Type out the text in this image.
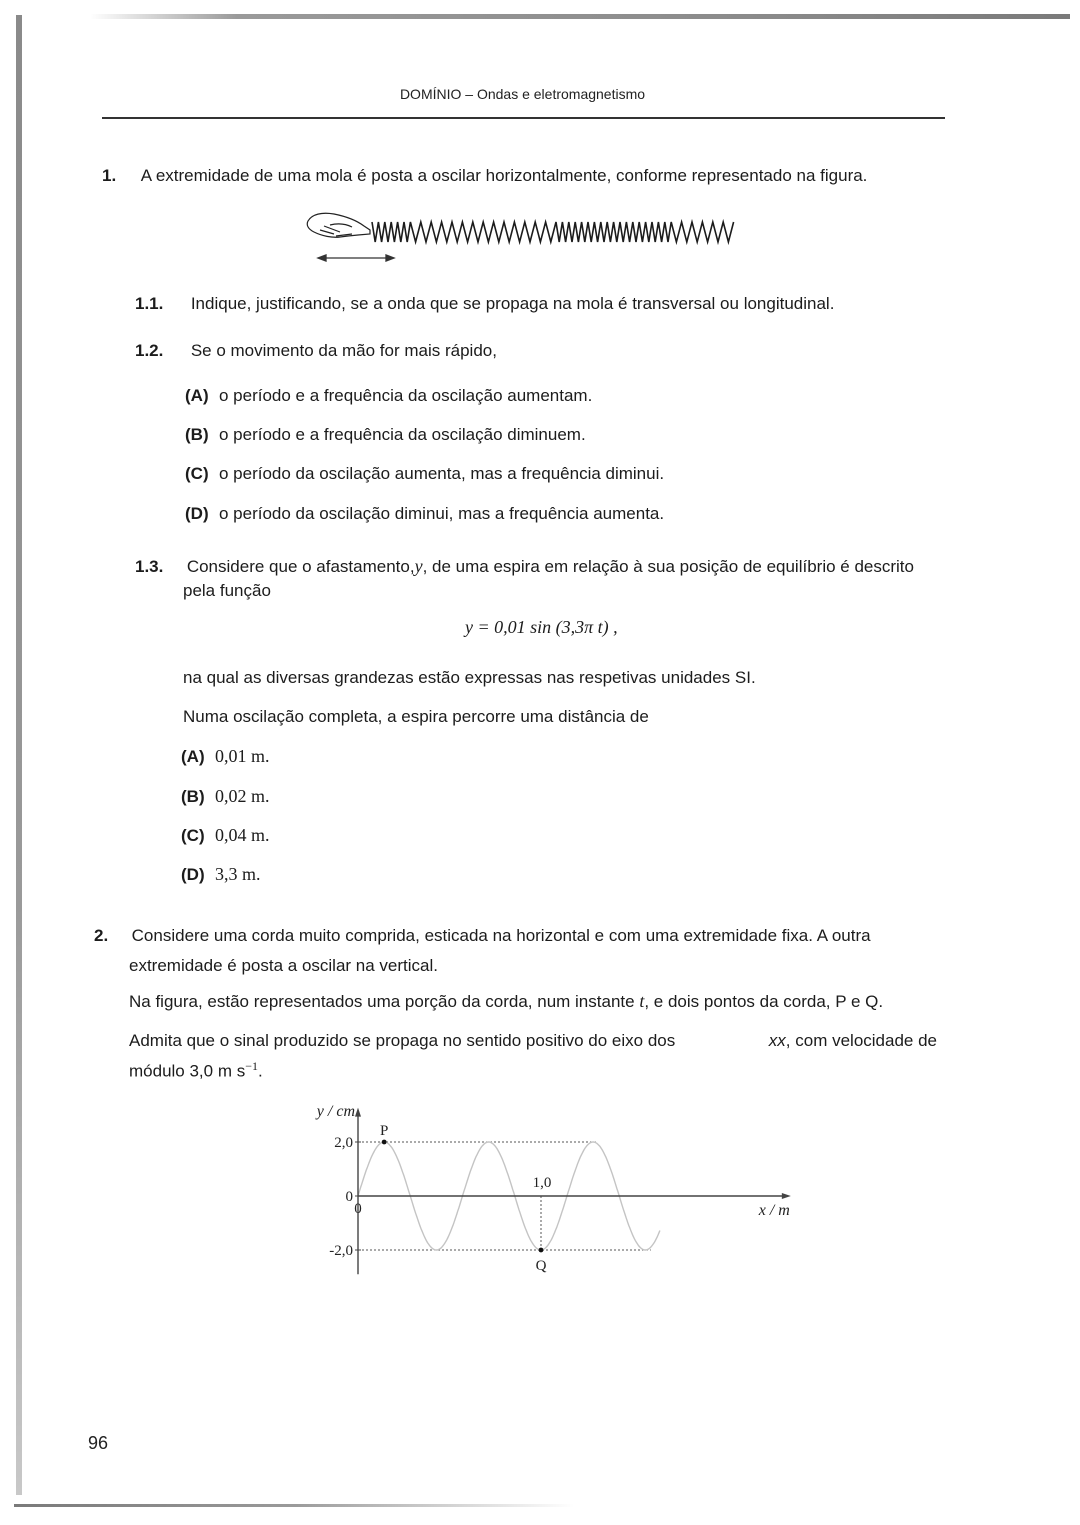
DOMÍNIO – Ondas e eletromagnetismo
1. A extremidade de uma mola é posta a oscilar horizontalmente, conforme representado na figura.
1.1. Indique, justificando, se a onda que se propaga na mola é transversal ou longitudinal.
1.2. Se o movimento da mão for mais rápido,
(A) o período e a frequência da oscilação aumentam.
(B) o período e a frequência da oscilação diminuem.
(C) o período da oscilação aumenta, mas a frequência diminui.
(D) o período da oscilação diminui, mas a frequência aumenta.
1.3. Considere que o afastamento,y, de uma espira em relação à sua posição de equilíbrio é descrito
pela função
y = 0,01 sin (3,3π t) ,
na qual as diversas grandezas estão expressas nas respetivas unidades SI.
Numa oscilação completa, a espira percorre uma distância de
(A) 0,01 m.
(B) 0,02 m.
(C) 0,04 m.
(D) 3,3 m.
2. Considere uma corda muito comprida, esticada na horizontal e com uma extremidade fixa. A outra
extremidade é posta a oscilar na vertical.
Na figura, estão representados uma porção da corda, num instante t, e dois pontos da corda, P e Q.
Admita que o sinal produzido se propaga no sentido positivo do eixo dos	xx, com velocidade de
módulo 3,0 m $s^{-1}$.
2,0
0
-2,0
0
1,0
y / cm
x / m
P
Q
96
